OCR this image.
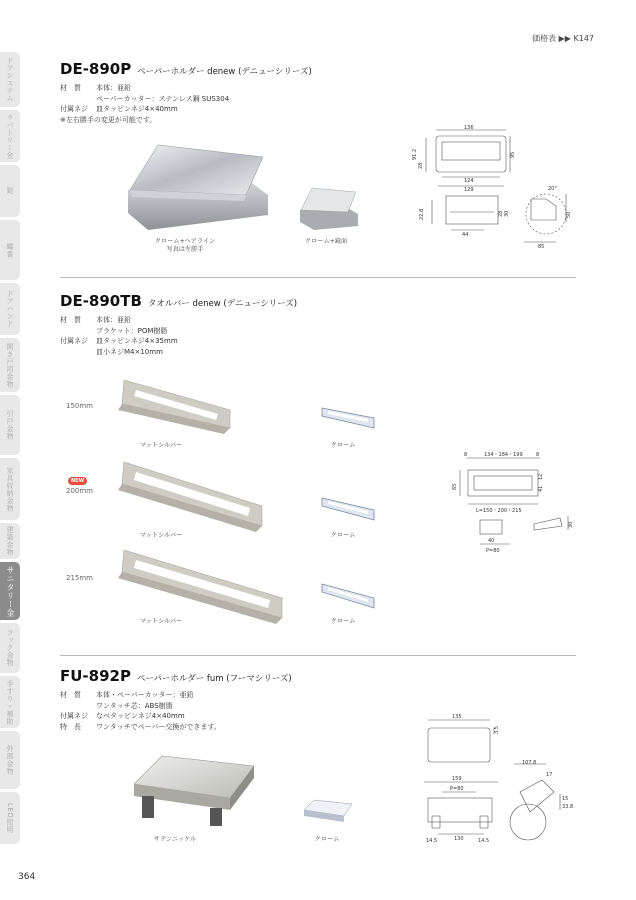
価格表 ▶▶ K147
ドアシステム
ラバトリー金
錠
蝶番
ドアハンド
開き戸用金物
引戸金物
家具収納金物
建築金物
サニタリー金
フック金物
手すり・補助
外部金物
LED照明
DE-890P ペーパーホルダー denew (デニューシリーズ)
材　質	本体：亜鉛
ペーパーカッター：ステンレス鋼 SUS304
付属ネジ	皿タッピンネジ4×40mm
※左右勝手の変更が可能です。
クローム+ヘアライン
写真は左勝手
クローム+鏡面
136
91.2
28
95
124
129
22.8
44
28 30
85
50
20°
DE-890TB タオルバー denew (デニューシリーズ)
材　質	本体：亜鉛
ブラケット：POM樹脂
付属ネジ	皿タッピンネジ4×35mm
皿小ネジM4×10mm
150mm
NEW
200mm
215mm
マットシルバー
マットシルバー
マットシルバー
クローム
クローム
クローム
8	134・184・199	8
65	41
12
L=150・200・215
40
P=80
30
FU-892P ペーパーホルダー fum (フーマシリーズ)
材　質	本体・ペーパーカッター：亜鉛
ワンタッチ芯：ABS樹脂
付属ネジ	なべタッピンネジ4×40mm
特　長	ワンタッチでペーパー交換ができます。
サテンニッケル	クローム
135
3.5
159
P=80
130
14.5	14.5
107.8
17
15
33.8
364
